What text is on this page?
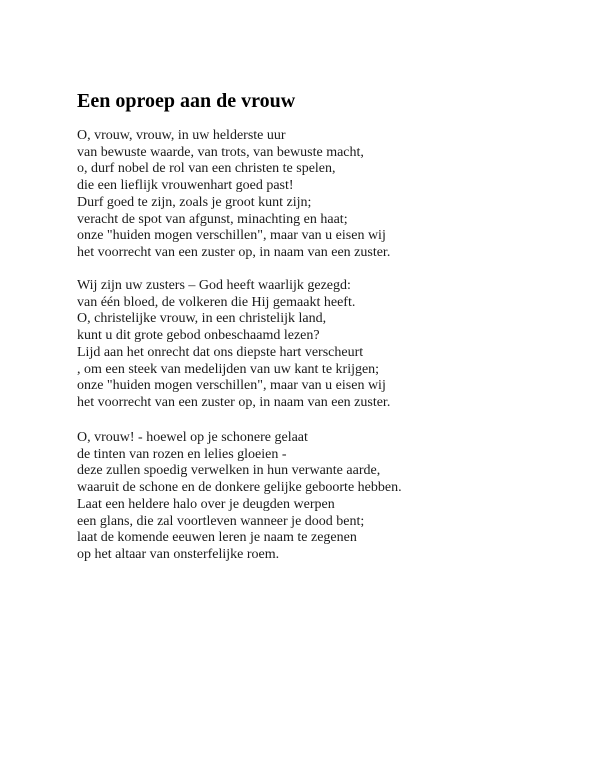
Een oproep aan de vrouw
O, vrouw, vrouw, in uw helderste uur
van bewuste waarde, van trots, van bewuste macht,
o, durf nobel de rol van een christen te spelen,
die een lieflijk vrouwenhart goed past!
Durf goed te zijn, zoals je groot kunt zijn;
veracht de spot van afgunst, minachting en haat;
onze "huiden mogen verschillen", maar van u eisen wij
het voorrecht van een zuster op, in naam van een zuster.
Wij zijn uw zusters – God heeft waarlijk gezegd:
van één bloed, de volkeren die Hij gemaakt heeft.
O, christelijke vrouw, in een christelijk land,
kunt u dit grote gebod onbeschaamd lezen?
Lijd aan het onrecht dat ons diepste hart verscheurt
, om een steek van medelijden van uw kant te krijgen;
onze "huiden mogen verschillen", maar van u eisen wij
het voorrecht van een zuster op, in naam van een zuster.
O, vrouw! - hoewel op je schonere gelaat
de tinten van rozen en lelies gloeien -
deze zullen spoedig verwelken in hun verwante aarde,
waaruit de schone en de donkere gelijke geboorte hebben.
Laat een heldere halo over je deugden werpen
een glans, die zal voortleven wanneer je dood bent;
laat de komende eeuwen leren je naam te zegenen
op het altaar van onsterfelijke roem.
